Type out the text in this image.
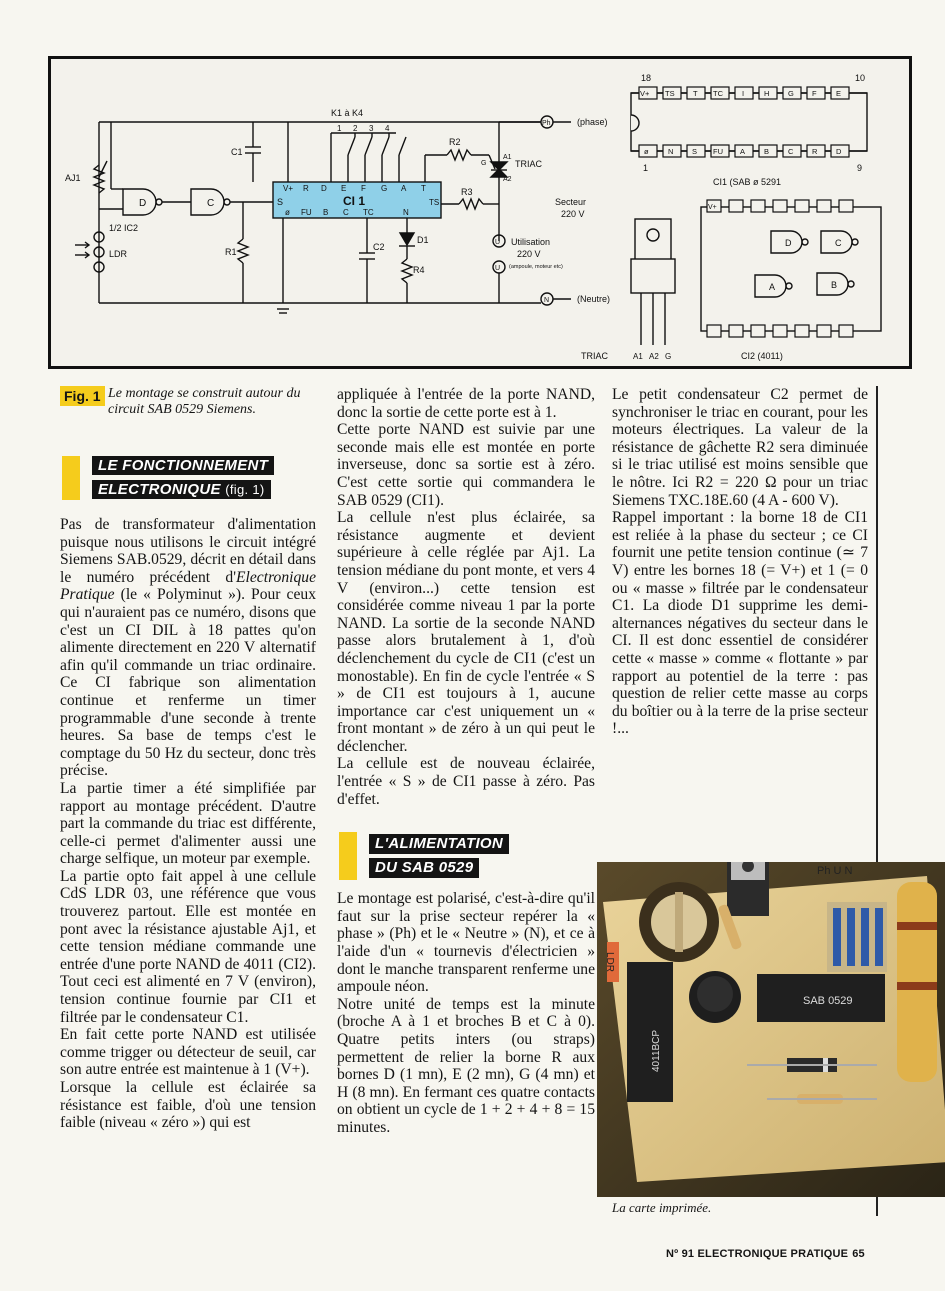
AJ1
LDR
1/2 IC2
D	C
C1
R1	C2
D1
R4
R2
R3
TRIAC
A1
A2
G
K1 à K4
1 2 3 4
V+ R D E F G A T
S	CI 1	TS
ø FU B C TC	N
Ph	(phase)
Secteur
220 V
U
U
Utilisation
220 V
(ampoule, moteur etc)
N	(Neutre)
18	10
1	9
V+ TS T TC	I	H G F	E
ø	N S FU A	B	C R D
CI1 (SAB ø 5291
TRIAC	A1 A2 G	CI2 (4011)
V+
D	C
A	B
Fig. 1 Le montage se construit autour du circuit SAB 0529 Siemens.
LE FONCTIONNEMENT
ELECTRONIQUE (fig. 1)

Pas de transformateur d'alimentation puisque nous utilisons le circuit intégré Siemens SAB.0529, décrit en détail dans le numéro précédent d'Electronique Pratique (le « Polyminut »). Pour ceux qui n'auraient pas ce numéro, disons que c'est un CI DIL à 18 pattes qu'on alimente directement en 220 V alternatif afin qu'il commande un triac ordinaire. Ce CI fabrique son alimentation continue et renferme un timer programmable d'une seconde à trente heures. Sa base de temps c'est le comptage du 50 Hz du secteur, donc très précise.

La partie timer a été simplifiée par rapport au montage précédent. D'autre part la commande du triac est différente, celle-ci permet d'alimenter aussi une charge selfique, un moteur par exemple.

La partie opto fait appel à une cellule CdS LDR 03, une référence que vous trouverez partout. Elle est montée en pont avec la résistance ajustable Aj1, et cette tension médiane commande une entrée d'une porte NAND de 4011 (CI2). Tout ceci est alimenté en 7 V (environ), tension continue fournie par CI1 et filtrée par le condensateur C1.

En fait cette porte NAND est utilisée comme trigger ou détecteur de seuil, car son autre entrée est maintenue à 1 (V+).

Lorsque la cellule est éclairée sa résistance est faible, d'où une tension faible (niveau « zéro ») qui est

appliquée à l'entrée de la porte NAND, donc la sortie de cette porte est à 1.

Cette porte NAND est suivie par une seconde mais elle est montée en porte inverseuse, donc sa sortie est à zéro. C'est cette sortie qui commandera le SAB 0529 (CI1).

La cellule n'est plus éclairée, sa résistance augmente et devient supérieure à celle réglée par Aj1. La tension médiane du pont monte, et vers 4 V (environ...) cette tension est considérée comme niveau 1 par la porte NAND. La sortie de la seconde NAND passe alors brutalement à 1, d'où déclenchement du cycle de CI1 (c'est un monostable). En fin de cycle l'entrée « S » de CI1 est toujours à 1, aucune importance car c'est uniquement un « front montant » de zéro à un qui peut le déclencher.

La cellule est de nouveau éclairée, l'entrée « S » de CI1 passe à zéro. Pas d'effet.

L'ALIMENTATION
DU SAB 0529

Le montage est polarisé, c'est-à-dire qu'il faut sur la prise secteur repérer la « phase » (Ph) et le « Neutre » (N), et ce à l'aide d'un « tournevis d'électricien » dont le manche transparent renferme une ampoule néon.

Notre unité de temps est la minute (broche A à 1 et broches B et C à 0). Quatre petits inters (ou straps) permettent de relier la borne R aux bornes D (1 mn), E (2 mn), G (4 mn) et H (8 mn). En fermant ces quatre contacts on obtient un cycle de 1 + 2 + 4 + 8 = 15 minutes.

Le petit condensateur C2 permet de synchroniser le triac en courant, pour les moteurs électriques. La valeur de la résistance de gâchette R2 sera diminuée si le triac utilisé est moins sensible que le nôtre. Ici R2 = 220 Ω pour un triac Siemens TXC.18E.60 (4 A - 600 V).

Rappel important : la borne 18 de CI1 est reliée à la phase du secteur ; ce CI fournit une petite tension continue (≃ 7 V) entre les bornes 18 (= V+) et 1 (= 0 ou « masse » filtrée par le condensateur C1. La diode D1 supprime les demi-alternances négatives du secteur dans le CI. Il est donc essentiel de considérer cette « masse » comme « flottante » par rapport au potentiel de la terre : pas question de relier cette masse au corps du boîtier ou à la terre de la prise secteur !...

4011BCP
SAB 0529
LDR
Ph U N
La carte imprimée.
Nº 91 ELECTRONIQUE PRATIQUE 65
